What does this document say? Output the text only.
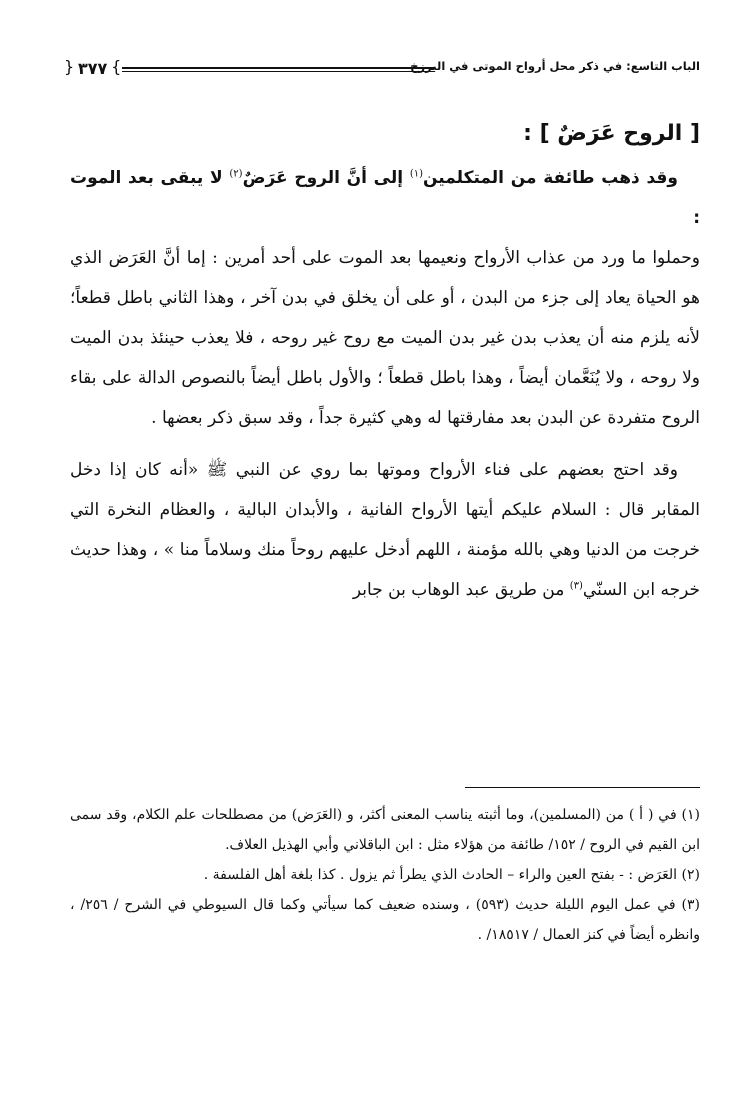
{ ٣٧٧ }	الباب التاسع: في ذكر محل أرواح الموتى في البرزخ
[ الروح عَرَضٌ ] :

وقد ذهب طائفة من المتكلمين$^{(١)}$ إلى أنَّ الروح عَرَضٌ$^{(٢)}$ لا يبقى بعد الموت :

وحملوا ما ورد من عذاب الأرواح ونعيمها بعد الموت على أحد أمرين : إما أنَّ العَرَض الذي هو الحياة يعاد إلى جزء من البدن ، أو على أن يخلق في بدن آخر ، وهذا الثاني باطل قطعاً؛ لأنه يلزم منه أن يعذب بدن غير بدن الميت مع روح غير روحه ، فلا يعذب حينئذ بدن الميت ولا روحه ، ولا يُنَعَّمان أيضاً ، وهذا باطل قطعاً ؛ والأول باطل أيضاً بالنصوص الدالة على بقاء الروح متفردة عن البدن بعد مفارقتها له وهي كثيرة جداً ، وقد سبق ذكر بعضها .

وقد احتج بعضهم على فناء الأرواح وموتها بما روي عن النبي ﷺ «أنه كان إذا دخل المقابر قال : السلام عليكم أيتها الأرواح الفانية ، والأبدان البالية ، والعظام النخرة التي خرجت من الدنيا وهي بالله مؤمنة ، اللهم أدخل عليهم روحاً منك وسلاماً منا » ، وهذا حديث خرجه ابن السنّي$^{(٣)}$ من طريق عبد الوهاب بن جابر

(١) في ( أ ) من (المسلمين)، وما أثبته يناسب المعنى أكثر، و (العَرَض) من مصطلحات علم الكلام، وقد سمى ابن القيم في الروح / ١٥٢/ طائفة من هؤلاء مثل : ابن الباقلاني وأبي الهذيل العلاف.

(٢) العَرَض : - بفتح العين والراء – الحادث الذي يطرأ ثم يزول . كذا بلغة أهل الفلسفة .

(٣) في عمل اليوم الليلة حديث (٥٩٣) ، وسنده ضعيف كما سيأتي وكما قال السيوطي في الشرح / ٢٥٦/ ، وانظره أيضاً في كنز العمال / ١٨٥١٧/ .
